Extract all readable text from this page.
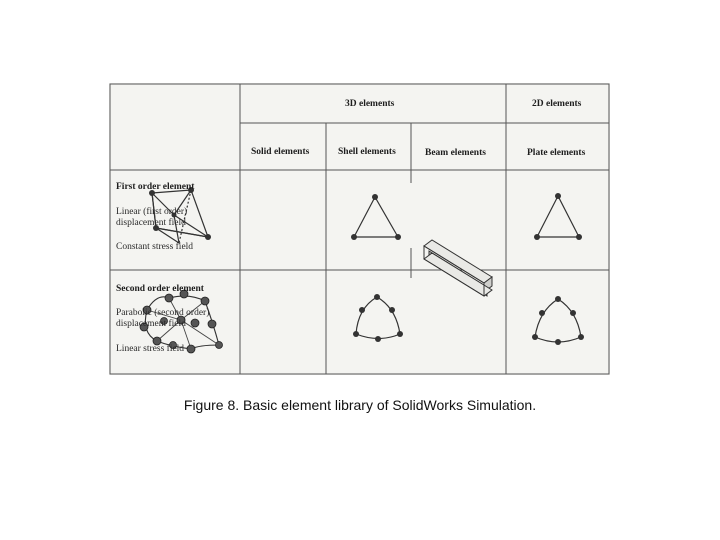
3D elements	2D elements
Solid elements	Shell elements	Beam elements	Plate elements
First order element
Linear (first order) displacement field
Constant stress field
Second order element
Parabolic (second order) displacement field
Linear stress field
Figure 8. Basic element library of SolidWorks Simulation.
